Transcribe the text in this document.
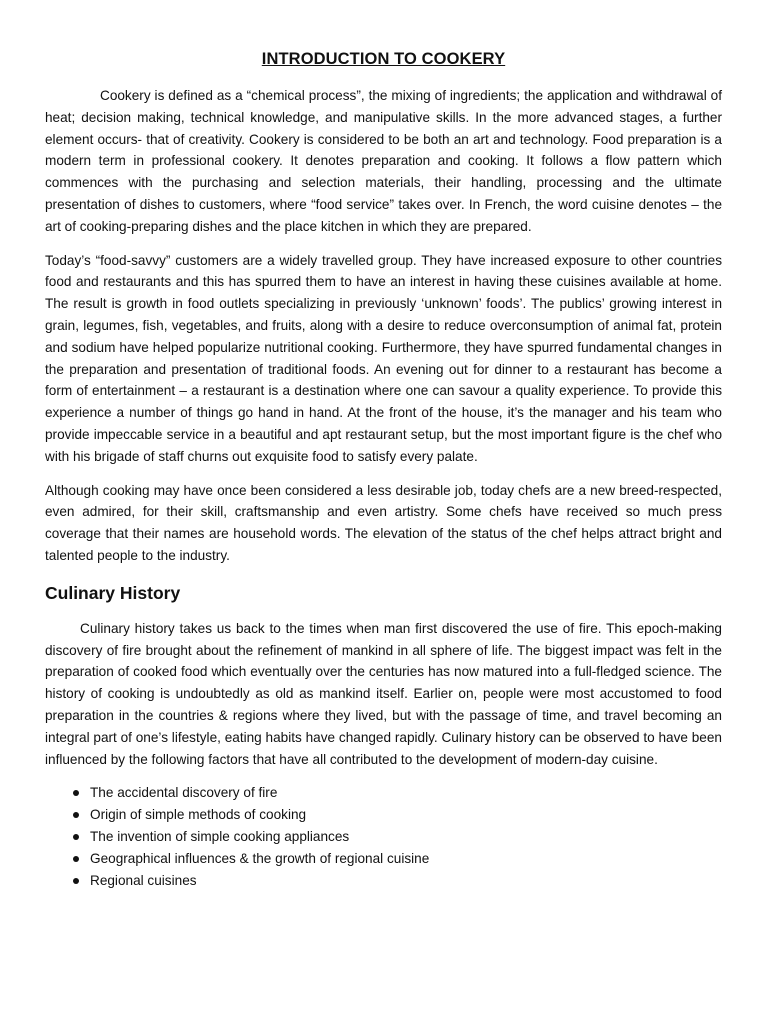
INTRODUCTION TO COOKERY

Cookery is defined as a “chemical process”, the mixing of ingredients; the application and withdrawal of heat; decision making, technical knowledge, and manipulative skills. In the more advanced stages, a further element occurs- that of creativity. Cookery is considered to be both an art and technology. Food preparation is a modern term in professional cookery. It denotes preparation and cooking. It follows a flow pattern which commences with the purchasing and selection materials, their handling, processing and the ultimate presentation of dishes to customers, where “food service” takes over. In French, the word cuisine denotes – the art of cooking-preparing dishes and the place kitchen in which they are prepared.

Today’s “food-savvy” customers are a widely travelled group. They have increased exposure to other countries food and restaurants and this has spurred them to have an interest in having these cuisines available at home. The result is growth in food outlets specializing in previously ‘unknown’ foods’. The publics’ growing interest in grain, legumes, fish, vegetables, and fruits, along with a desire to reduce overconsumption of animal fat, protein and sodium have helped popularize nutritional cooking. Furthermore, they have spurred fundamental changes in the preparation and presentation of traditional foods. An evening out for dinner to a restaurant has become a form of entertainment – a restaurant is a destination where one can savour a quality experience. To provide this experience a number of things go hand in hand. At the front of the house, it’s the manager and his team who provide impeccable service in a beautiful and apt restaurant setup, but the most important figure is the chef who with his brigade of staff churns out exquisite food to satisfy every palate.

Although cooking may have once been considered a less desirable job, today chefs are a new breed-respected, even admired, for their skill, craftsmanship and even artistry. Some chefs have received so much press coverage that their names are household words. The elevation of the status of the chef helps attract bright and talented people to the industry.

Culinary History

Culinary history takes us back to the times when man first discovered the use of fire. This epoch-making discovery of fire brought about the refinement of mankind in all sphere of life. The biggest impact was felt in the preparation of cooked food which eventually over the centuries has now matured into a full-fledged science. The history of cooking is undoubtedly as old as mankind itself. Earlier on, people were most accustomed to food preparation in the countries & regions where they lived, but with the passage of time, and travel becoming an integral part of one’s lifestyle, eating habits have changed rapidly. Culinary history can be observed to have been influenced by the following factors that have all contributed to the development of modern-day cuisine.

The accidental discovery of fire
Origin of simple methods of cooking
The invention of simple cooking appliances
Geographical influences & the growth of regional cuisine
Regional cuisines
